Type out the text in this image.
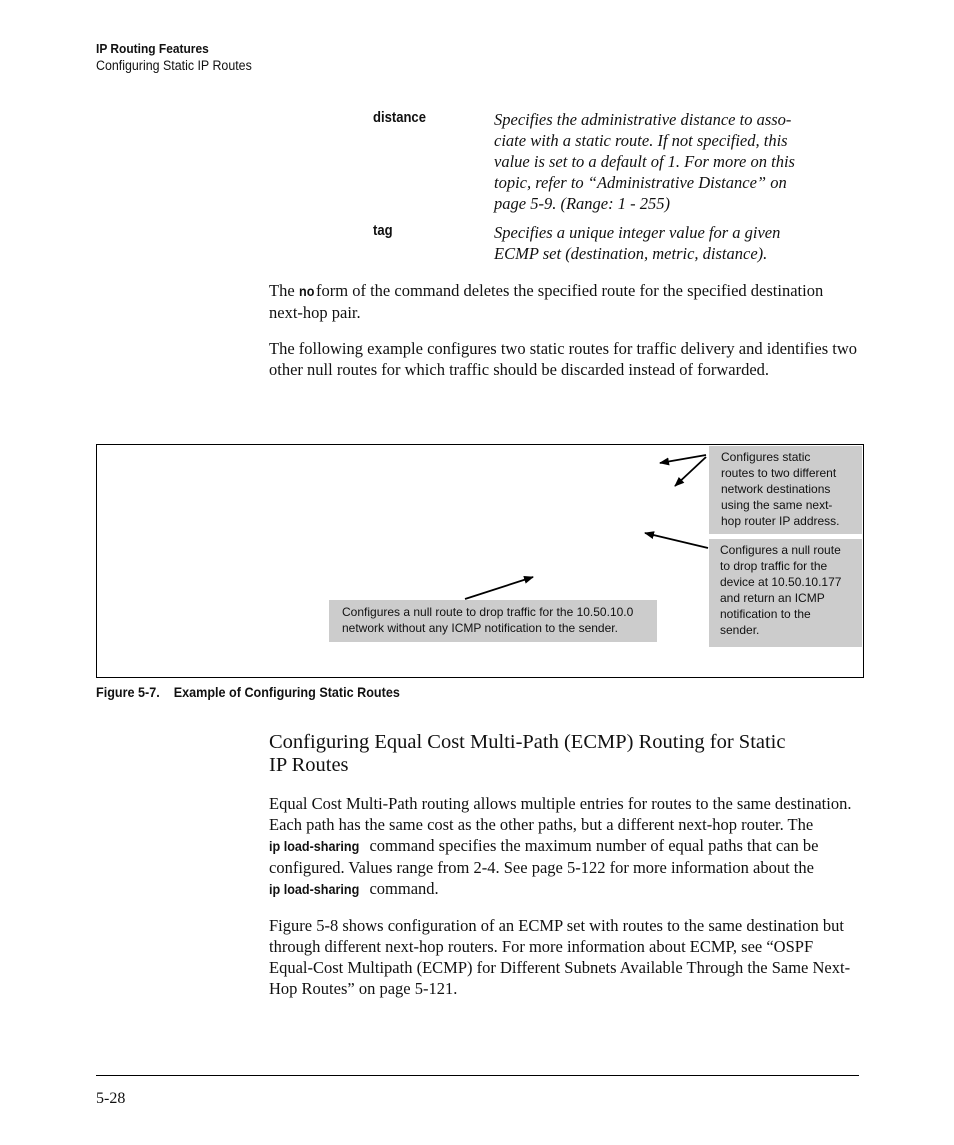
IP Routing Features
Configuring Static IP Routes
distance	Specifies the administrative distance to asso-
ciate with a static route. If not specified, this
value is set to a default of 1. For more on this
topic, refer to “Administrative Distance” on
page 5-9. (Range: 1 - 255)
tag	Specifies a unique integer value for a given
ECMP set (destination, metric, distance).
The no form of the command deletes the specified route for the specified destination next-hop pair.
The following example configures two static routes for traffic delivery and identifies two other null routes for which traffic should be discarded instead of forwarded.
Configures static
routes to two different
network destinations
using the same next-
hop router IP address.
Configures a null route
to drop traffic for the
device at 10.50.10.177
and return an ICMP
notification to the
sender.
Configures a null route to drop traffic for the 10.50.10.0
network without any ICMP notification to the sender.
Figure 5-7. Example of Configuring Static Routes
Configuring Equal Cost Multi-Path (ECMP) Routing for Static
IP Routes
Equal Cost Multi-Path routing allows multiple entries for routes to the same destination. Each path has the same cost as the other paths, but a different next-hop router. The ip load-sharing command specifies the maximum number of equal paths that can be configured. Values range from 2-4. See page 5-122 for more information about the ip load-sharing command.
Figure 5-8 shows configuration of an ECMP set with routes to the same destination but through different next-hop routers. For more information about ECMP, see “OSPF Equal-Cost Multipath (ECMP) for Different Subnets Available Through the Same Next-Hop Routes” on page 5-121.
5-28
